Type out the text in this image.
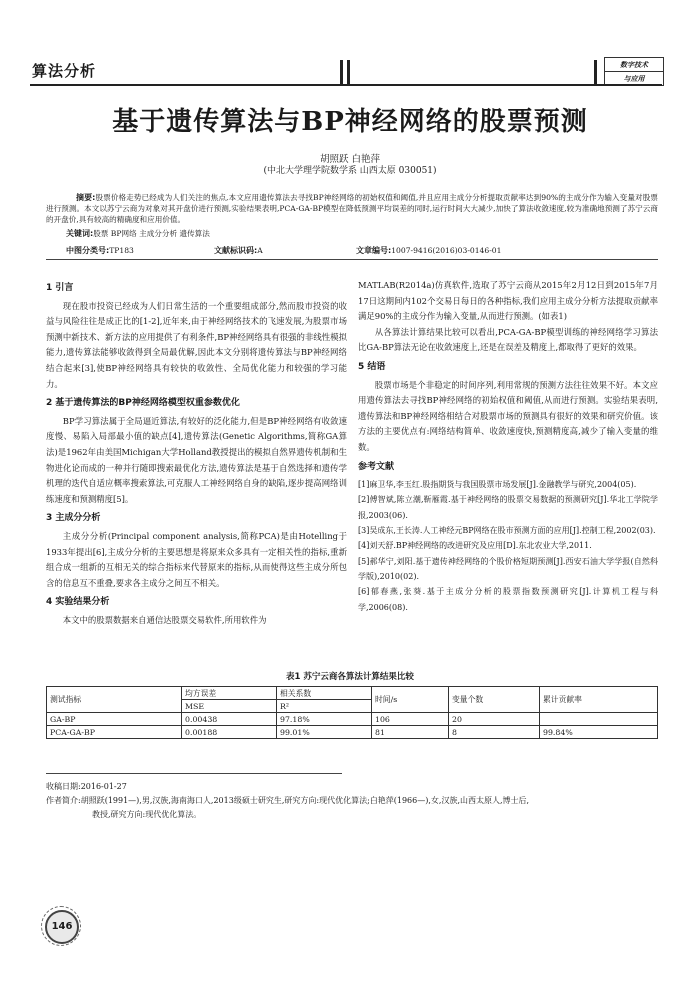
算法分析	数字技术
与应用
基于遗传算法与BP神经网络的股票预测
胡照跃 白艳萍
(中北大学理学院数学系 山西太原 030051)
摘要:股票价格走势已经成为人们关注的焦点,本文应用遗传算法去寻找BP神经网络的初始权值和阈值,并且应用主成分分析提取贡献率达到90%的主成分作为输入变量对股票进行预测。本文以苏宁云商为对象对其开盘价进行预测,实验结果表明,PCA-GA-BP模型在降低预测平均误差的同时,运行时间大大减少,加快了算法收敛速度,较为准确地预测了苏宁云商的开盘价,具有较高的精确度和应用价值。
关键词:股票 BP网络 主成分分析 遗传算法
中图分类号:TP183	文献标识码:A	文章编号:1007-9416(2016)03-0146-01
1 引言

现在股市投资已经成为人们日常生活的一个重要组成部分,然而股市投资的收益与风险往往是成正比的[1-2],近年来,由于神经网络技术的飞速发展,为股票市场预测中新技术、新方法的应用提供了有利条件,BP神经网络具有很强的非线性模拟能力,遗传算法能够收敛得到全局最优解,因此本文分别将遗传算法与BP神经网络结合起来[3],使BP神经网络具有较快的收敛性、全局优化能力和较强的学习能力。

2 基于遗传算法的BP神经网络模型权重参数优化

BP学习算法属于全局逼近算法,有较好的泛化能力,但是BP神经网络有收敛速度慢、易陷入局部最小值的缺点[4],遗传算法(Genetic Algorithms,简称GA算法)是1962年由美国Michigan大学Holland教授提出的模拟自然界遗传机制和生物进化论而成的一种并行随即搜索最优化方法,遗传算法是基于自然选择和遗传学机理的迭代自适应概率搜索算法,可克服人工神经网络自身的缺陷,逐步提高网络训练速度和预测精度[5]。

3 主成分分析

主成分分析(Principal component analysis,简称PCA)是由Hotelling于1933年提出[6],主成分分析的主要思想是将原来众多具有一定相关性的指标,重新组合成一组新的互相无关的综合指标来代替原来的指标,从而使得这些主成分所包含的信息互不重叠,要求各主成分之间互不相关。

4 实验结果分析

本文中的股票数据来自通信达股票交易软件,所用软件为

MATLAB(R2014a)仿真软件,选取了苏宁云商从2015年2月12日到2015年7月17日这期间内102个交易日每日的各种指标,我们应用主成分分析方法提取贡献率满足90%的主成分作为输入变量,从而进行预测。(如表1)

从各算法计算结果比较可以看出,PCA-GA-BP模型训练的神经网络学习算法比GA-BP算法无论在收敛速度上,还是在误差及精度上,都取得了更好的效果。

5 结语

股票市场是个非稳定的时间序列,利用常规的预测方法往往效果不好。本文应用遗传算法去寻找BP神经网络的初始权值和阈值,从而进行预测。实验结果表明,遗传算法和BP神经网络相结合对股票市场的预测具有很好的效果和研究价值。该方法的主要优点有:网络结构简单、收敛速度快,预测精度高,减少了输入变量的维数。

参考文献
[1]麻卫华,李玉红.股指期货与我国股票市场发展[J].金融教学与研究,2004(05).
[2]傅智斌,陈立潮,靳雁霞.基于神经网络的股票交易数据的预测研究[J].华北工学院学报,2003(06).
[3]吴成东,王长涛.人工神经元BP网络在股市预测方面的应用[J].控制工程,2002(03).
[4]刘天舒.BP神经网络的改进研究及应用[D].东北农业大学,2011.
[5]郝华宁,刘阳.基于遗传神经网络的个股价格短期预测[J].西安石油大学学报(自然科学版),2010(02).
[6]郁春燕,张葵.基于主成分分析的股票指数预测研究[J].计算机工程与科学,2006(08).
表1 苏宁云商各算法计算结果比较
测试指标	均方误差	相关系数	时间/s	变量个数	累计贡献率
	MSE	R²			
GA-BP	0.00438	97.18%	106	20	
PCA-GA-BP	0.00188	99.01%	81	8	99.84%
收稿日期:2016-01-27
作者简介:胡照跃(1991—),男,汉族,海南海口人,2013级硕士研究生,研究方向:现代优化算法;白艳萍(1966—),女,汉族,山西太原人,博士后,
教授,研究方向:现代优化算法。
146
